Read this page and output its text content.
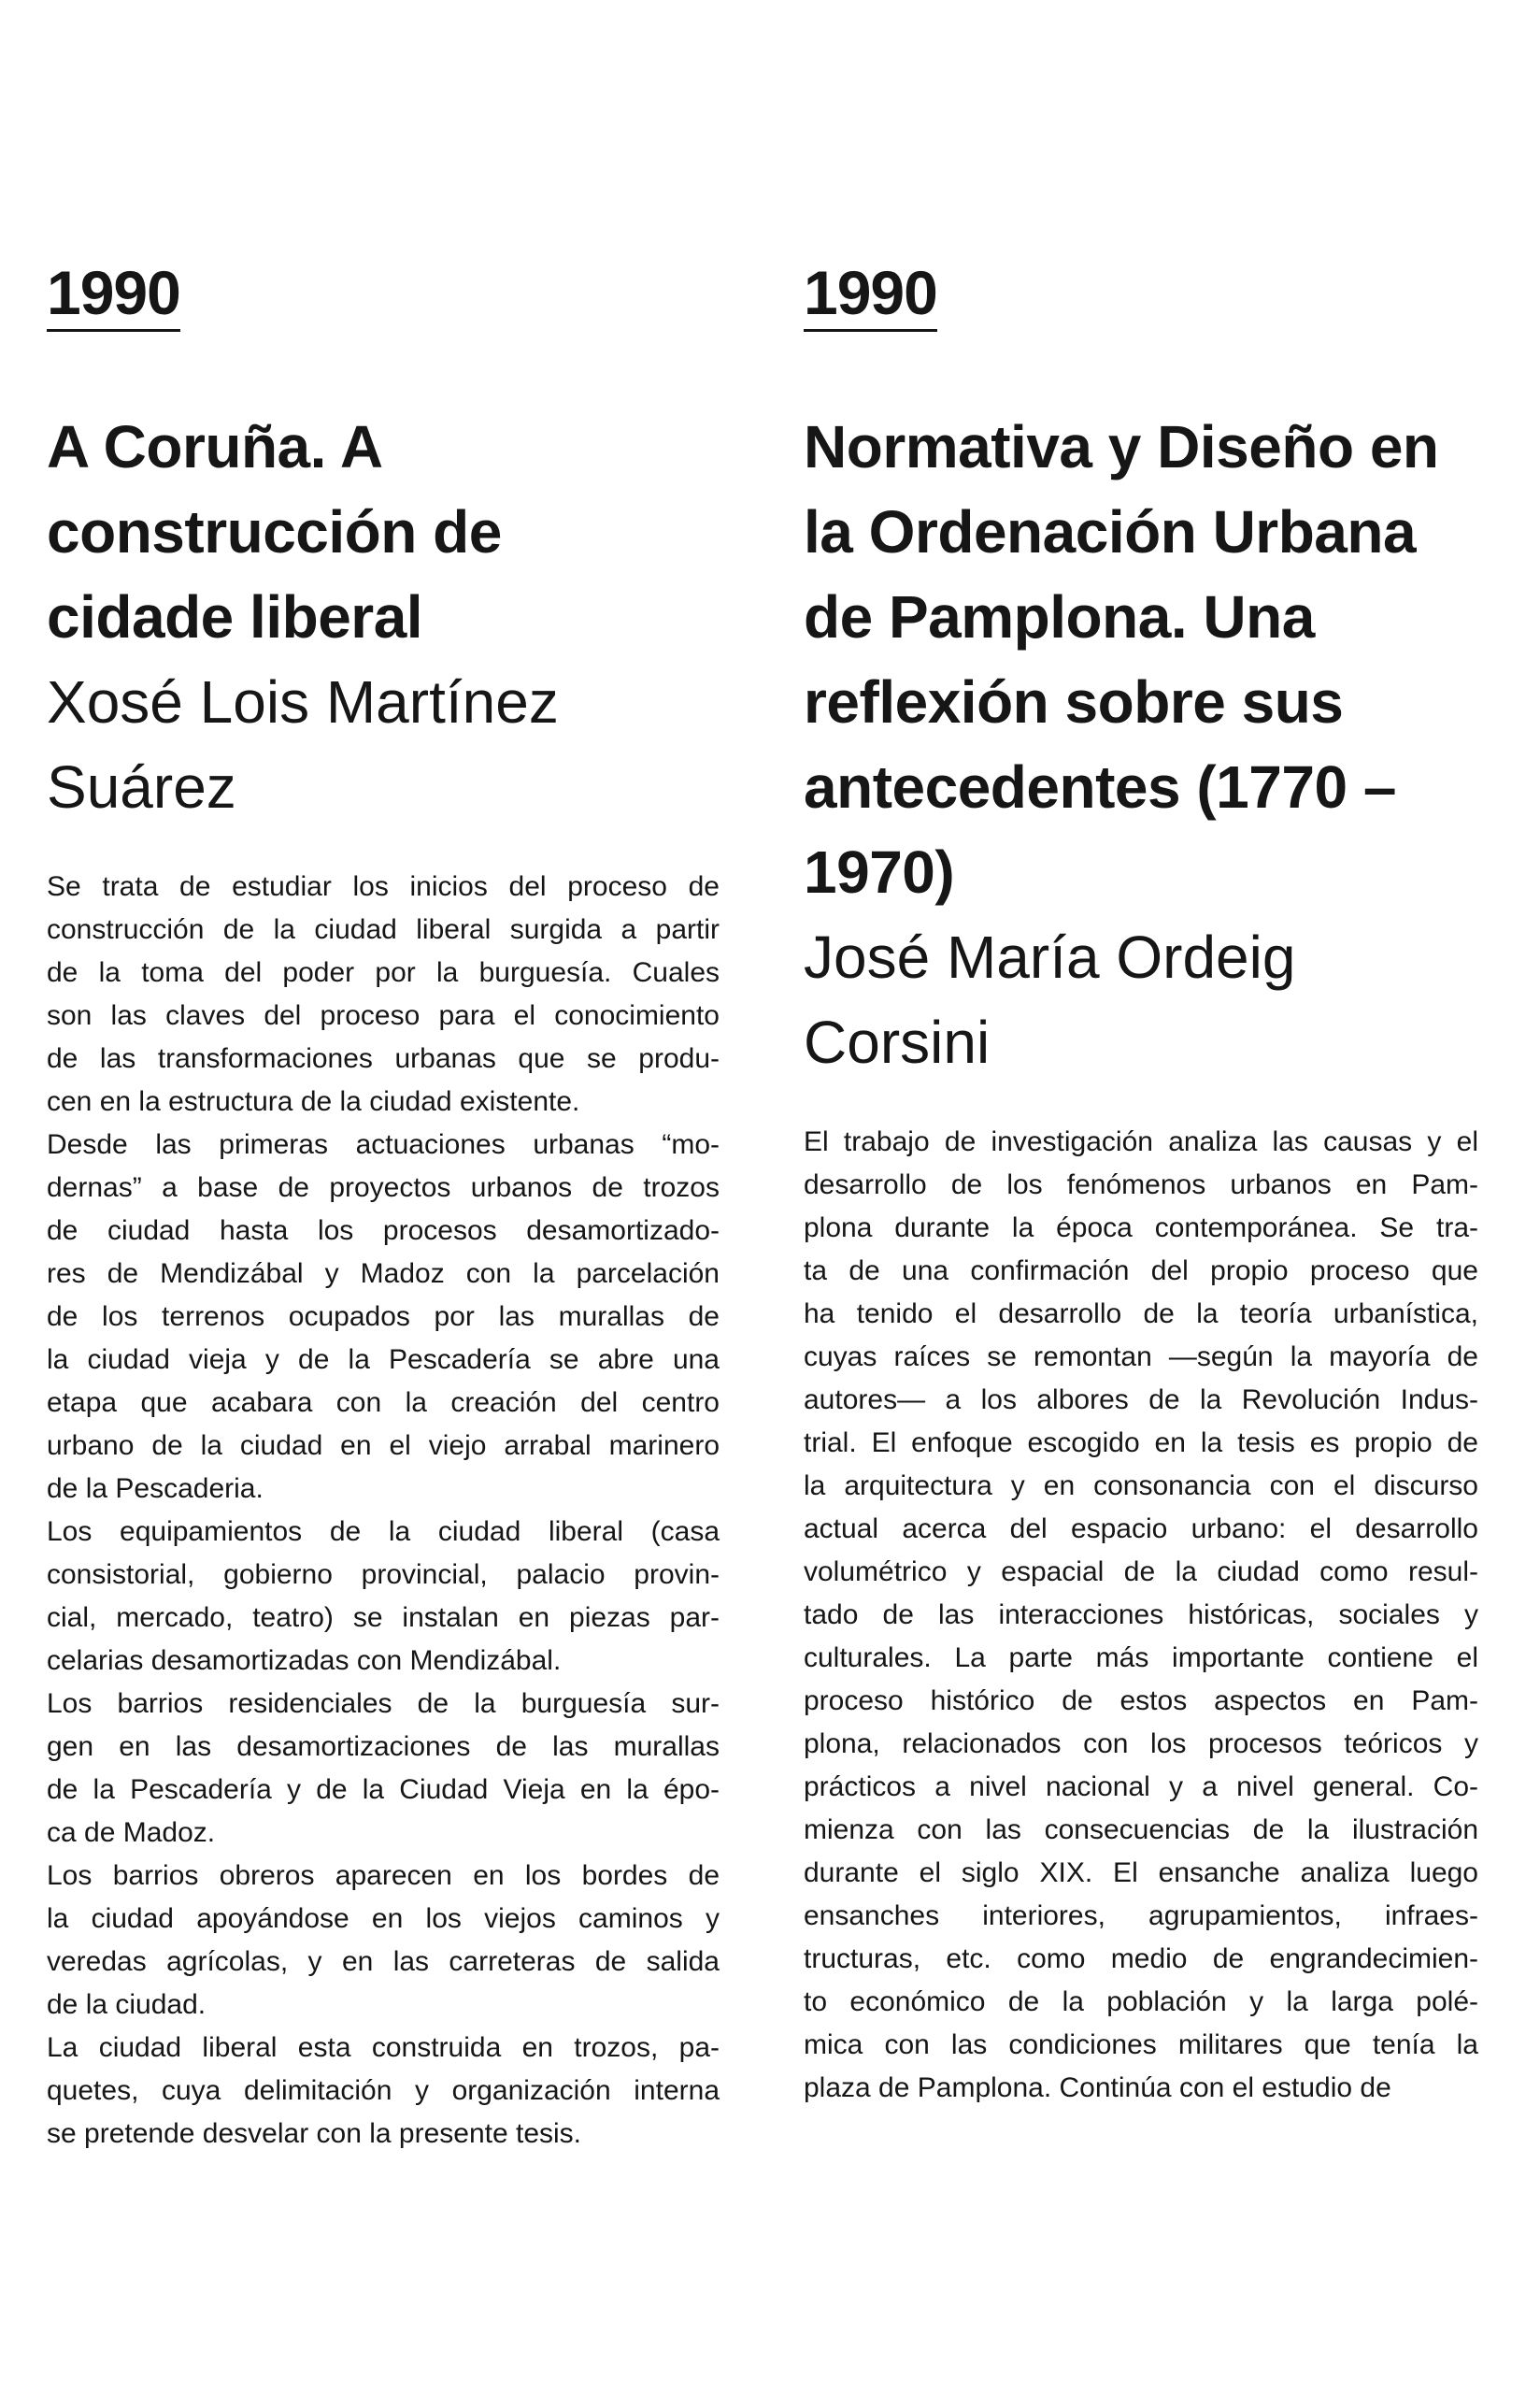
1990
A Coruña. A
construcción de
cidade liberal
Xosé Lois Martínez
Suárez
Se trata de estudiar los inicios del proceso de
construcción de la ciudad liberal surgida a partir
de la toma del poder por la burguesía. Cuales
son las claves del proceso para el conocimiento
de las transformaciones urbanas que se produ-
cen en la estructura de la ciudad existente.
Desde las primeras actuaciones urbanas “mo-
dernas” a base de proyectos urbanos de trozos
de ciudad hasta los procesos desamortizado-
res de Mendizábal y Madoz con la parcelación
de los terrenos ocupados por las murallas de
la ciudad vieja y de la Pescadería se abre una
etapa que acabara con la creación del centro
urbano de la ciudad en el viejo arrabal marinero
de la Pescaderia.
Los equipamientos de la ciudad liberal (casa
consistorial, gobierno provincial, palacio provin-
cial, mercado, teatro) se instalan en piezas par-
celarias desamortizadas con Mendizábal.
Los barrios residenciales de la burguesía sur-
gen en las desamortizaciones de las murallas
de la Pescadería y de la Ciudad Vieja en la épo-
ca de Madoz.
Los barrios obreros aparecen en los bordes de
la ciudad apoyándose en los viejos caminos y
veredas agrícolas, y en las carreteras de salida
de la ciudad.
La ciudad liberal esta construida en trozos, pa-
quetes, cuya delimitación y organización interna
se pretende desvelar con la presente tesis.
1990
Normativa y Diseño en
la Ordenación Urbana
de Pamplona. Una
reflexión sobre sus
antecedentes (1770 –
1970)
José María Ordeig
Corsini
El trabajo de investigación analiza las causas y el
desarrollo de los fenómenos urbanos en Pam-
plona durante la época contemporánea. Se tra-
ta de una confirmación del propio proceso que
ha tenido el desarrollo de la teoría urbanística,
cuyas raíces se remontan —según la mayoría de
autores— a los albores de la Revolución Indus-
trial. El enfoque escogido en la tesis es propio de
la arquitectura y en consonancia con el discurso
actual acerca del espacio urbano: el desarrollo
volumétrico y espacial de la ciudad como resul-
tado de las interacciones históricas, sociales y
culturales. La parte más importante contiene el
proceso histórico de estos aspectos en Pam-
plona, relacionados con los procesos teóricos y
prácticos a nivel nacional y a nivel general. Co-
mienza con las consecuencias de la ilustración
durante el siglo XIX. El ensanche analiza luego
ensanches interiores, agrupamientos, infraes-
tructuras, etc. como medio de engrandecimien-
to económico de la población y la larga polé-
mica con las condiciones militares que tenía la
plaza de Pamplona. Continúa con el estudio de
